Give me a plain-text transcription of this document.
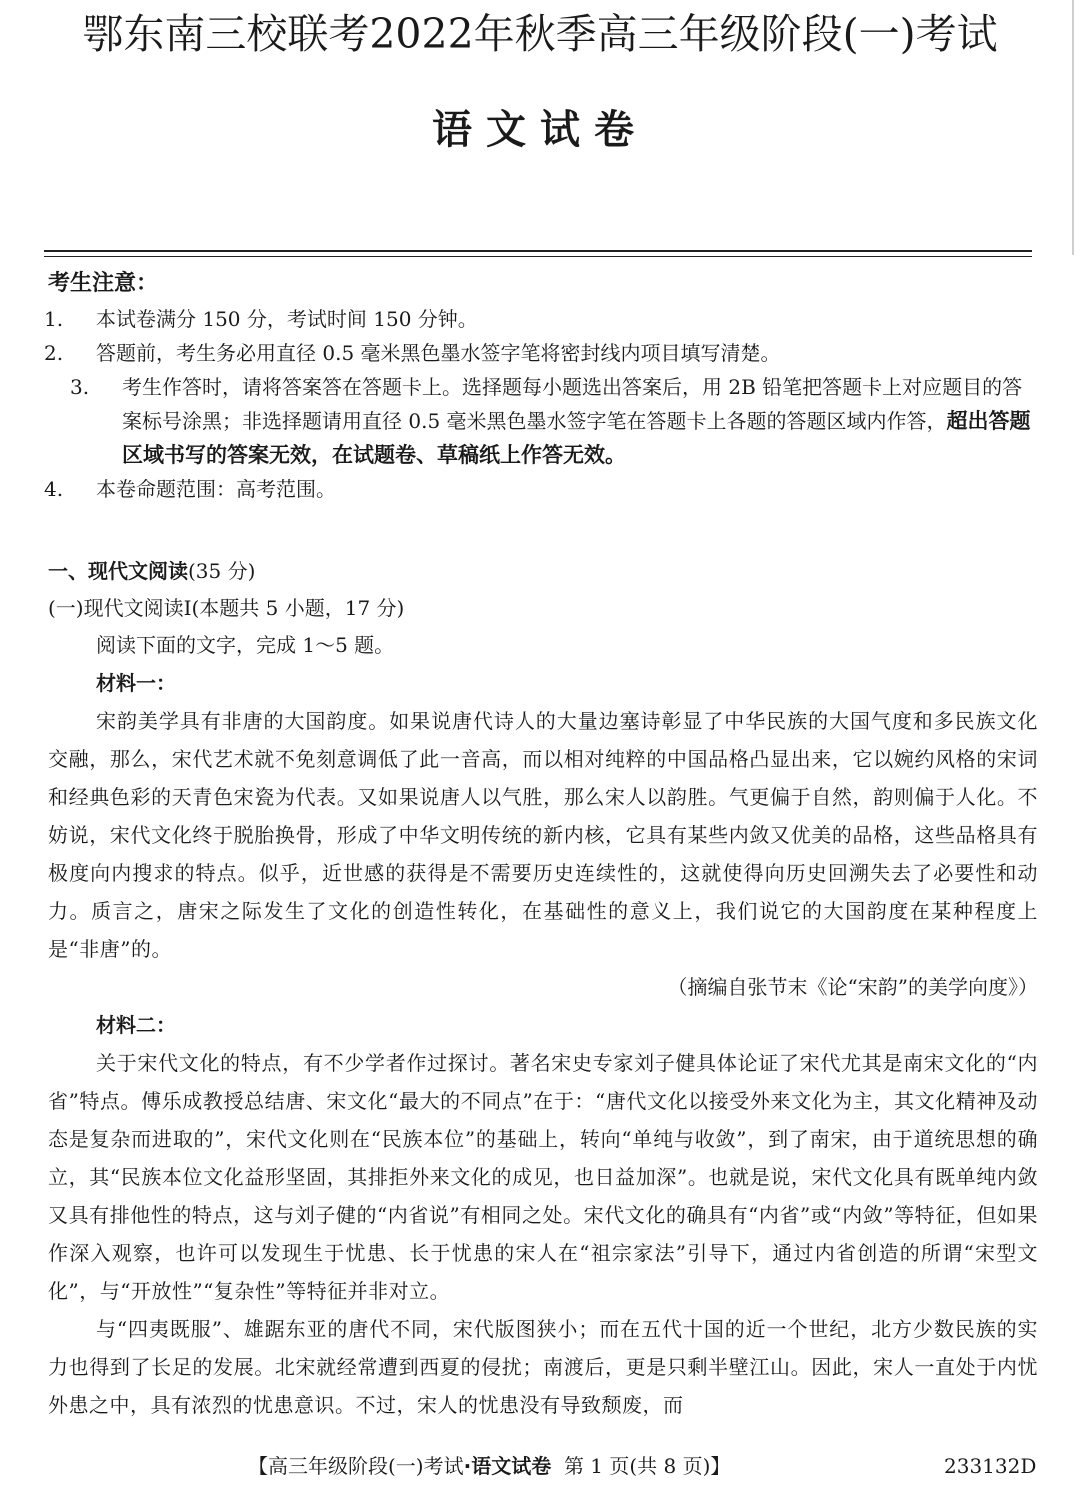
鄂东南三校联考2022年秋季高三年级阶段(一)考试
语文试卷

考生注意：

1. 本试卷满分 150 分，考试时间 150 分钟。
2. 答题前，考生务必用直径 0.5 毫米黑色墨水签字笔将密封线内项目填写清楚。
3. 考生作答时，请将答案答在答题卡上。选择题每小题选出答案后，用 2B 铅笔把答题卡上对应题目的答案标号涂黑；非选择题请用直径 0.5 毫米黑色墨水签字笔在答题卡上各题的答题区域内作答，超出答题区域书写的答案无效，在试题卷、草稿纸上作答无效。
4. 本卷命题范围：高考范围。

一、现代文阅读(35 分)

(一)现代文阅读Ⅰ(本题共 5 小题，17 分)

阅读下面的文字，完成 1～5 题。

材料一：

宋韵美学具有非唐的大国韵度。如果说唐代诗人的大量边塞诗彰显了中华民族的大国气度和多民族文化交融，那么，宋代艺术就不免刻意调低了此一音高，而以相对纯粹的中国品格凸显出来，它以婉约风格的宋词和经典色彩的天青色宋瓷为代表。又如果说唐人以气胜，那么宋人以韵胜。气更偏于自然，韵则偏于人化。不妨说，宋代文化终于脱胎换骨，形成了中华文明传统的新内核，它具有某些内敛又优美的品格，这些品格具有极度向内搜求的特点。似乎，近世感的获得是不需要历史连续性的，这就使得向历史回溯失去了必要性和动力。质言之，唐宋之际发生了文化的创造性转化，在基础性的意义上，我们说它的大国韵度在某种程度上是“非唐”的。

（摘编自张节末《论“宋韵”的美学向度》）

材料二：

关于宋代文化的特点，有不少学者作过探讨。著名宋史专家刘子健具体论证了宋代尤其是南宋文化的“内省”特点。傅乐成教授总结唐、宋文化“最大的不同点”在于：“唐代文化以接受外来文化为主，其文化精神及动态是复杂而进取的”，宋代文化则在“民族本位”的基础上，转向“单纯与收敛”，到了南宋，由于道统思想的确立，其“民族本位文化益形坚固，其排拒外来文化的成见，也日益加深”。也就是说，宋代文化具有既单纯内敛又具有排他性的特点，这与刘子健的“内省说”有相同之处。宋代文化的确具有“内省”或“内敛”等特征，但如果作深入观察，也许可以发现生于忧患、长于忧患的宋人在“祖宗家法”引导下，通过内省创造的所谓“宋型文化”，与“开放性”“复杂性”等特征并非对立。

与“四夷既服”、雄踞东亚的唐代不同，宋代版图狭小；而在五代十国的近一个世纪，北方少数民族的实力也得到了长足的发展。北宋就经常遭到西夏的侵扰；南渡后，更是只剩半壁江山。因此，宋人一直处于内忧外患之中，具有浓烈的忧患意识。不过，宋人的忧患没有导致颓废，而

【高三年级阶段(一)考试·语文试卷 第 1 页(共 8 页)】	233132D
